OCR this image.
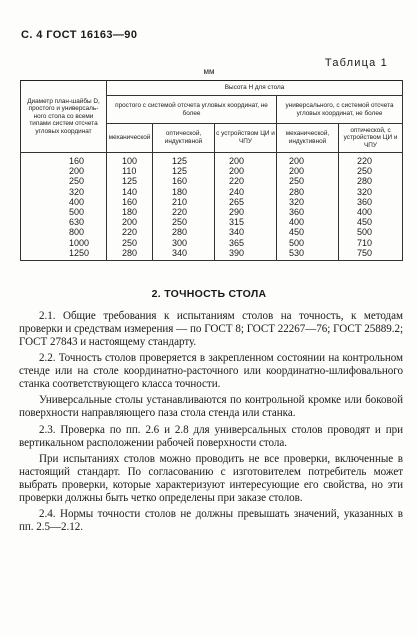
С. 4 ГОСТ 16163—90
Таблица 1
мм
Диаметр план-шайбы D, простого и универсаль-ного стола со всеми типами систем отсчета угловых координат	Высота H для стола				
	простого с системой отсчета угловых координат, не более			универсального, с системой отсчета угловых координат, не более	
	механической	оптической, индуктивной	с устройством ЦИ и ЧПУ	механической, индуктивной	оптической, с устройством ЦИ и ЧПУ
160	100	125	200	200	220
200	110	125	200	200	250
250	125	160	220	250	280
320	140	180	240	280	320
400	160	210	265	320	360
500	180	220	290	360	400
630	200	250	315	400	450
800	220	280	340	450	500
1000	250	300	365	500	710
1250	280	340	390	530	750
2. ТОЧНОСТЬ СТОЛА

2.1. Общие требования к испытаниям столов на точность, к методам проверки и средствам измерения — по ГОСТ 8; ГОСТ 22267—76; ГОСТ 25889.2; ГОСТ 27843 и настоящему стандарту.

2.2. Точность столов проверяется в закрепленном состоянии на контрольном стенде или на столе координатно-расточного или координатно-шлифовального станка соответствующего класса точности.

Универсальные столы устанавливаются по контрольной кромке или боковой поверхности направляющего паза стола стенда или станка.

2.3. Проверка по пп. 2.6 и 2.8 для универсальных столов проводят и при вертикальном расположении рабочей поверхности стола.

При испытаниях столов можно проводить не все проверки, включенные в настоящий стандарт. По согласованию с изготовителем потребитель может выбрать проверки, которые характеризуют интересующие его свойства, но эти проверки должны быть четко определены при заказе столов.

2.4. Нормы точности столов не должны превышать значений, указанных в пп. 2.5—2.12.
